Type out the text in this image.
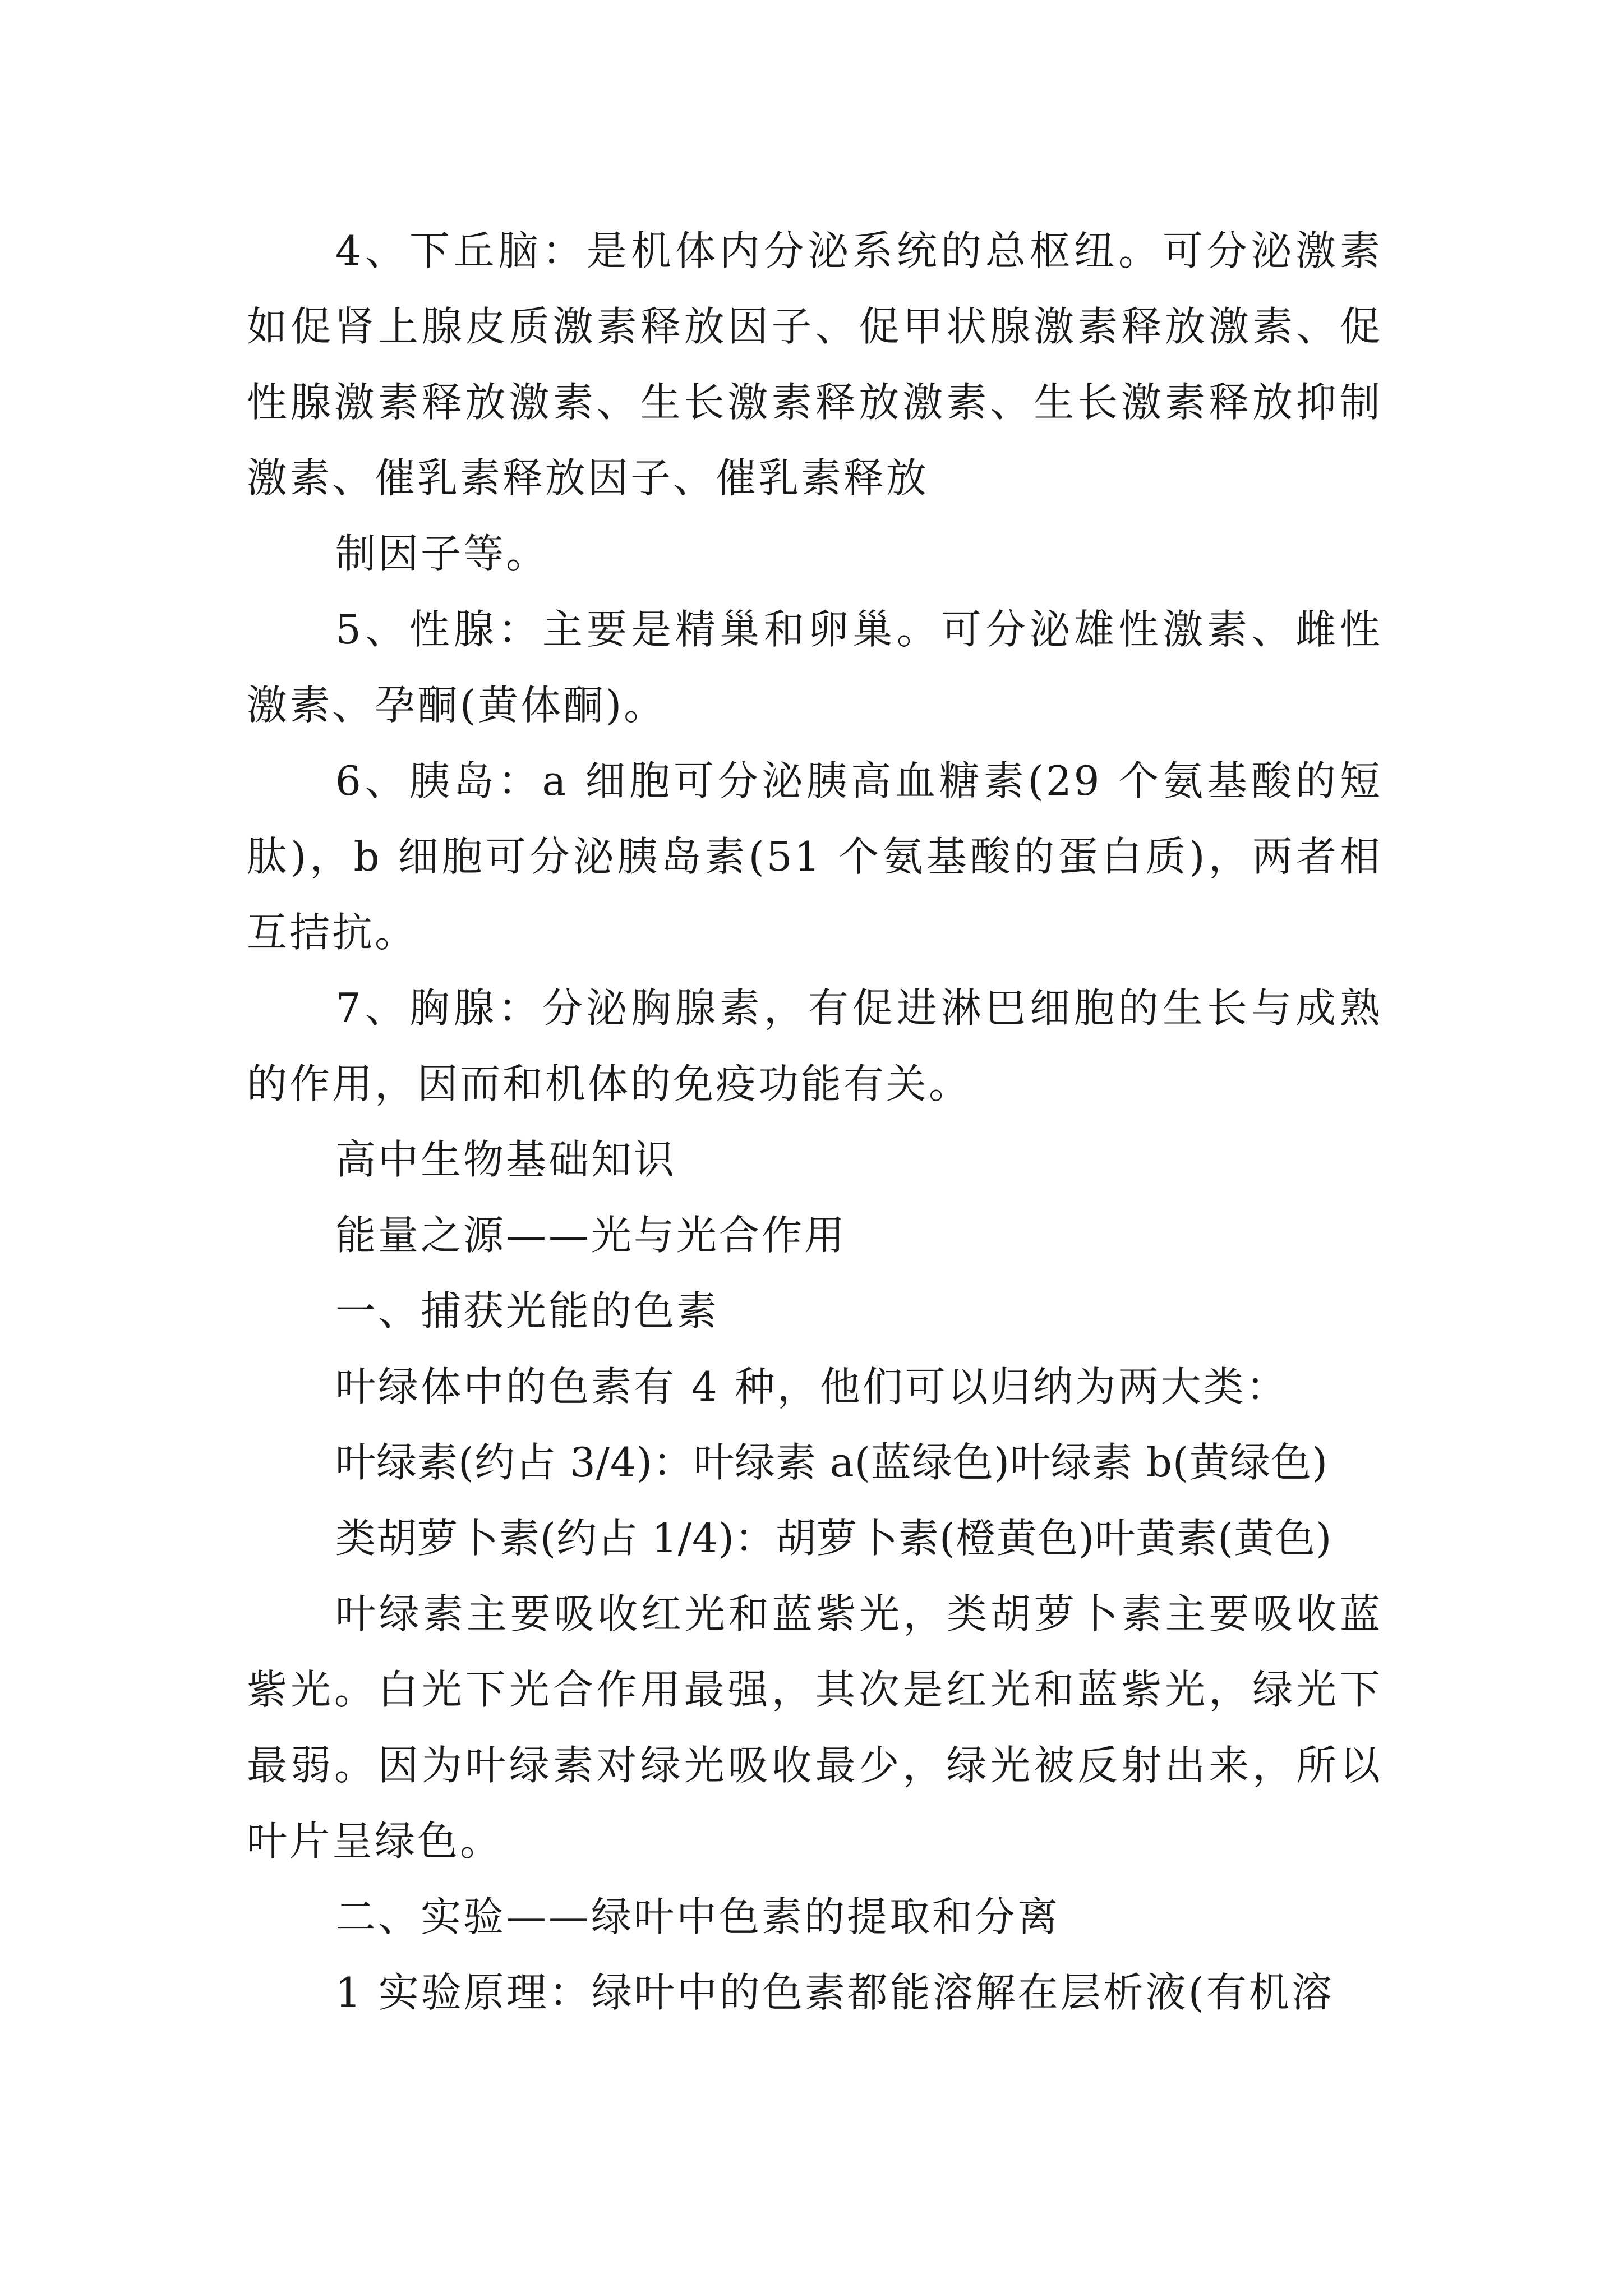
4、下丘脑：是机体内分泌系统的总枢纽。可分泌激素如促肾上腺皮质激素释放因子、促甲状腺激素释放激素、促性腺激素释放激素、生长激素释放激素、生长激素释放抑制激素、催乳素释放因子、催乳素释放

制因子等。

5、性腺：主要是精巢和卵巢。可分泌雄性激素、雌性激素、孕酮(黄体酮)。

6、胰岛：a 细胞可分泌胰高血糖素(29 个氨基酸的短肽)，b 细胞可分泌胰岛素(51 个氨基酸的蛋白质)，两者相互拮抗。

7、胸腺：分泌胸腺素，有促进淋巴细胞的生长与成熟的作用，因而和机体的免疫功能有关。

高中生物基础知识

能量之源——光与光合作用

一、捕获光能的色素

叶绿体中的色素有 4 种，他们可以归纳为两大类：

叶绿素(约占 3/4)：叶绿素 a(蓝绿色)叶绿素 b(黄绿色)

类胡萝卜素(约占 1/4)：胡萝卜素(橙黄色)叶黄素(黄色)

叶绿素主要吸收红光和蓝紫光，类胡萝卜素主要吸收蓝紫光。白光下光合作用最强，其次是红光和蓝紫光，绿光下最弱。因为叶绿素对绿光吸收最少，绿光被反射出来，所以叶片呈绿色。

二、实验——绿叶中色素的提取和分离

1 实验原理：绿叶中的色素都能溶解在层析液(有机溶
